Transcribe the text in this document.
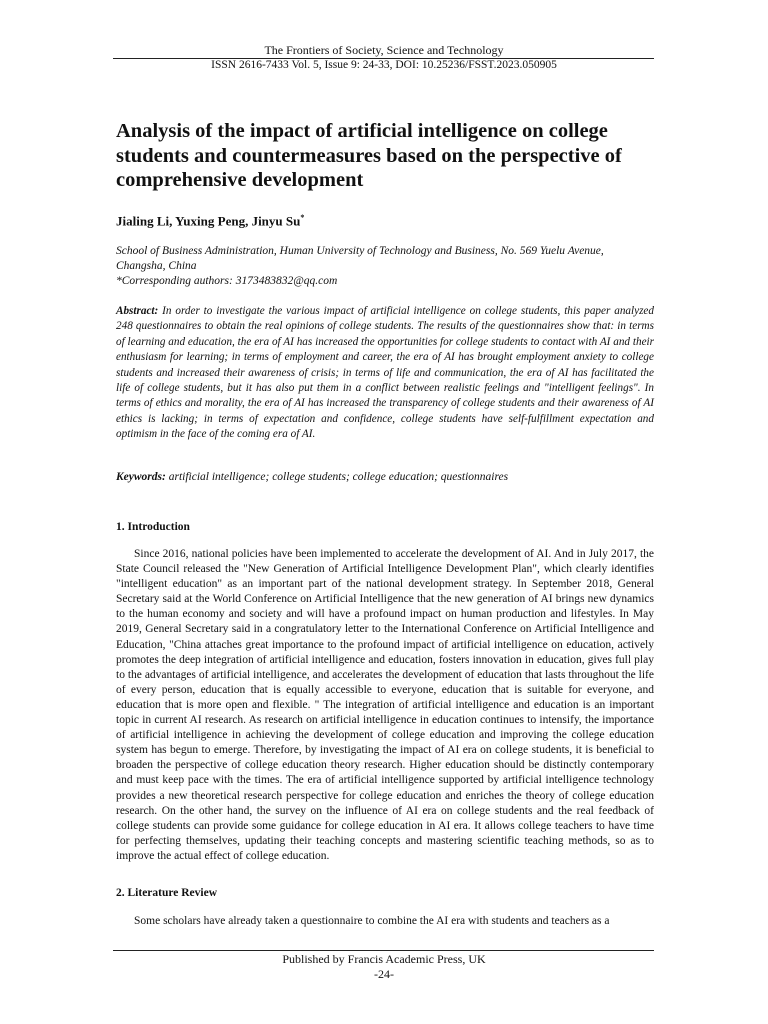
The Frontiers of Society, Science and Technology
ISSN 2616-7433 Vol. 5, Issue 9: 24-33, DOI: 10.25236/FSST.2023.050905
Analysis of the impact of artificial intelligence on college students and countermeasures based on the perspective of comprehensive development
Jialing Li, Yuxing Peng, Jinyu Su*
School of Business Administration, Human University of Technology and Business, No. 569 Yuelu Avenue, Changsha, China
*Corresponding authors: 3173483832@qq.com
Abstract: In order to investigate the various impact of artificial intelligence on college students, this paper analyzed 248 questionnaires to obtain the real opinions of college students. The results of the questionnaires show that: in terms of learning and education, the era of AI has increased the opportunities for college students to contact with AI and their enthusiasm for learning; in terms of employment and career, the era of AI has brought employment anxiety to college students and increased their awareness of crisis; in terms of life and communication, the era of AI has facilitated the life of college students, but it has also put them in a conflict between realistic feelings and "intelligent feelings". In terms of ethics and morality, the era of AI has increased the transparency of college students and their awareness of AI ethics is lacking; in terms of expectation and confidence, college students have self-fulfillment expectation and optimism in the face of the coming era of AI.
Keywords: artificial intelligence; college students; college education; questionnaires
1. Introduction
Since 2016, national policies have been implemented to accelerate the development of AI. And in July 2017, the State Council released the "New Generation of Artificial Intelligence Development Plan", which clearly identifies "intelligent education" as an important part of the national development strategy. In September 2018, General Secretary said at the World Conference on Artificial Intelligence that the new generation of AI brings new dynamics to the human economy and society and will have a profound impact on human production and lifestyles. In May 2019, General Secretary said in a congratulatory letter to the International Conference on Artificial Intelligence and Education, "China attaches great importance to the profound impact of artificial intelligence on education, actively promotes the deep integration of artificial intelligence and education, fosters innovation in education, gives full play to the advantages of artificial intelligence, and accelerates the development of education that lasts throughout the life of every person, education that is equally accessible to everyone, education that is suitable for everyone, and education that is more open and flexible. " The integration of artificial intelligence and education is an important topic in current AI research. As research on artificial intelligence in education continues to intensify, the importance of artificial intelligence in achieving the development of college education and improving the college education system has begun to emerge. Therefore, by investigating the impact of AI era on college students, it is beneficial to broaden the perspective of college education theory research. Higher education should be distinctly contemporary and must keep pace with the times. The era of artificial intelligence supported by artificial intelligence technology provides a new theoretical research perspective for college education and enriches the theory of college education research. On the other hand, the survey on the influence of AI era on college students and the real feedback of college students can provide some guidance for college education in AI era. It allows college teachers to have time for perfecting themselves, updating their teaching concepts and mastering scientific teaching methods, so as to improve the actual effect of college education.
2. Literature Review
Some scholars have already taken a questionnaire to combine the AI era with students and teachers as a
Published by Francis Academic Press, UK
-24-
